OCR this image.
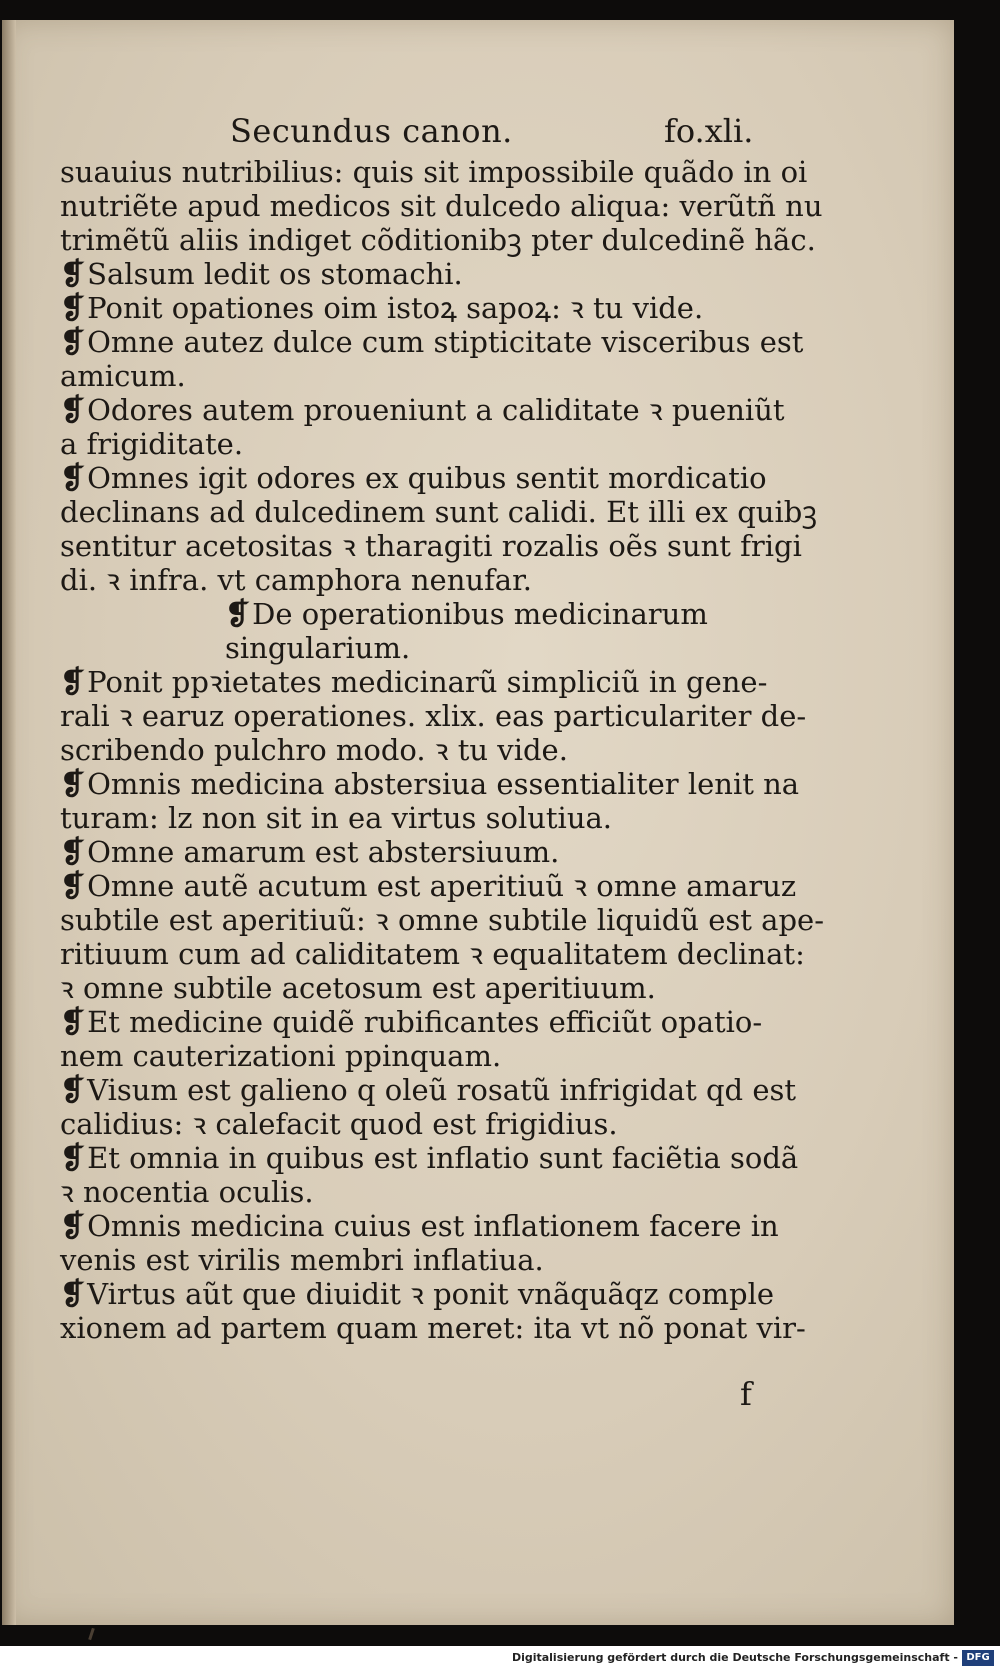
Secundus canon.	fo.xli.
suauius nutribilius: quis sit impossibile quãdo in oi
nutriẽte apud medicos sit dulcedo aliqua: verũtñ nu
trimẽtũ aliis indiget cõditionibꝫ pter dulcedinẽ hãc.
❡Salsum ledit os stomachi.
❡Ponit opationes oim istoꝝ sapoꝝ: ꝛ tu vide.
❡Omne autez dulce cum stipticitate visceribus est
amicum.
❡Odores autem proueniunt a caliditate ꝛ pueniũt
a frigiditate.
❡Omnes igit odores ex quibus sentit mordicatio
declinans ad dulcedinem sunt calidi. Et illi ex quibꝫ
sentitur acetositas ꝛ tharagiti rozalis oẽs sunt frigi
di. ꝛ infra. vt camphora nenufar.
❡De operationibus medicinarum
singularium.
❡Ponit ppꝛietates medicinarũ simpliciũ in gene-
rali ꝛ earuz operationes. xlix. eas particulariter de-
scribendo pulchro modo. ꝛ tu vide.
❡Omnis medicina abstersiua essentialiter lenit na
turam: lz non sit in ea virtus solutiua.
❡Omne amarum est abstersiuum.
❡Omne autẽ acutum est aperitiuũ ꝛ omne amaruz
subtile est aperitiuũ: ꝛ omne subtile liquidũ est ape-
ritiuum cum ad caliditatem ꝛ equalitatem declinat:
ꝛ omne subtile acetosum est aperitiuum.
❡Et medicine quidẽ rubificantes efficiũt opatio-
nem cauterizationi ppinquam.
❡Visum est galieno q oleũ rosatũ infrigidat qd est
calidius: ꝛ calefacit quod est frigidius.
❡Et omnia in quibus est inflatio sunt faciẽtia sodã
ꝛ nocentia oculis.
❡Omnis medicina cuius est inflationem facere in
venis est virilis membri inflatiua.
❡Virtus aũt que diuidit ꝛ ponit vnãquãqz comple
xionem ad partem quam meret: ita vt nõ ponat vir-
f
Digitalisierung gefördert durch die Deutsche Forschungsgemeinschaft - DFG
